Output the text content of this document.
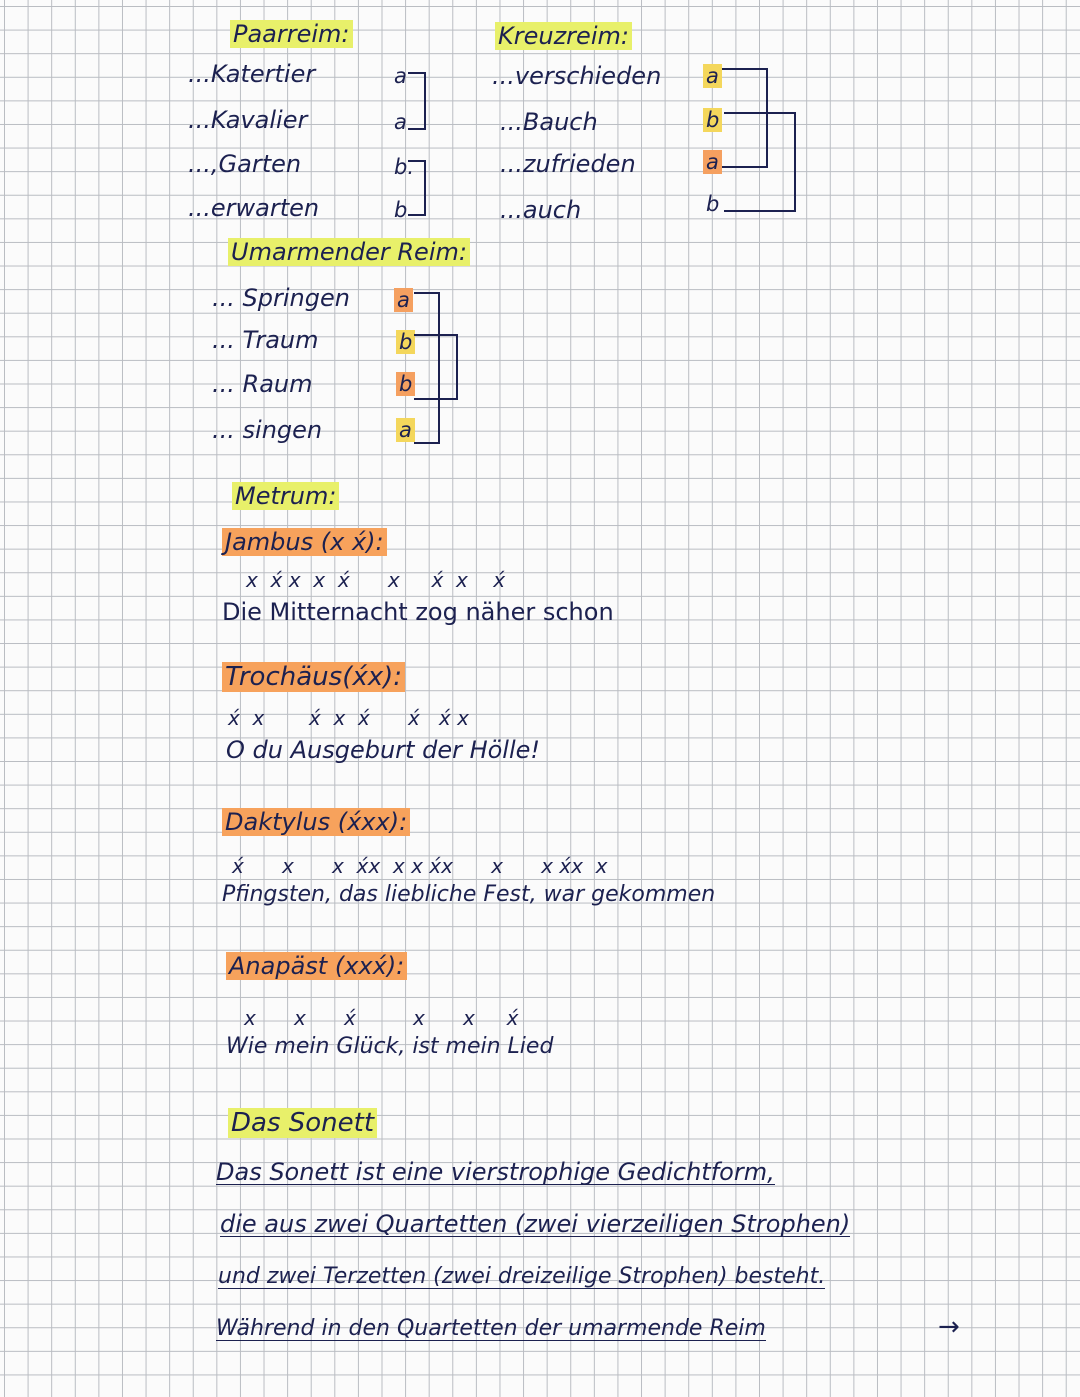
Paarreim:
...Katertier
...Kavalier
...,Garten
...erwarten
a
a
b.
b
Kreuzreim:
...verschieden
...Bauch
...zufrieden
...auch
a
b
a
b
Umarmender Reim:
... Springen
... Traum
... Raum
... singen
a
b
b
a
Metrum:
Jambus (x x́):
x  x́ x  x  x́      x     x́  x    x́
Die Mitternacht zog näher schon
Trochäus(x́x):
x́  x       x́  x  x́      x́   x́ x
O du Ausgeburt der Hölle!
Daktylus (x́xx):
x́      x      x  x́x  x x x́x      x      x x́x  x
Pfingsten, das liebliche Fest, war gekommen
Anapäst (xxx́):
x      x      x́         x      x     x́
Wie mein Glück, ist mein Lied
Das Sonett
Das Sonett ist eine vierstrophige Gedichtform,
die aus zwei Quartetten (zwei vierzeiligen Strophen)
und zwei Terzetten (zwei dreizeilige Strophen) besteht.
Während in den Quartetten der umarmende Reim	→
